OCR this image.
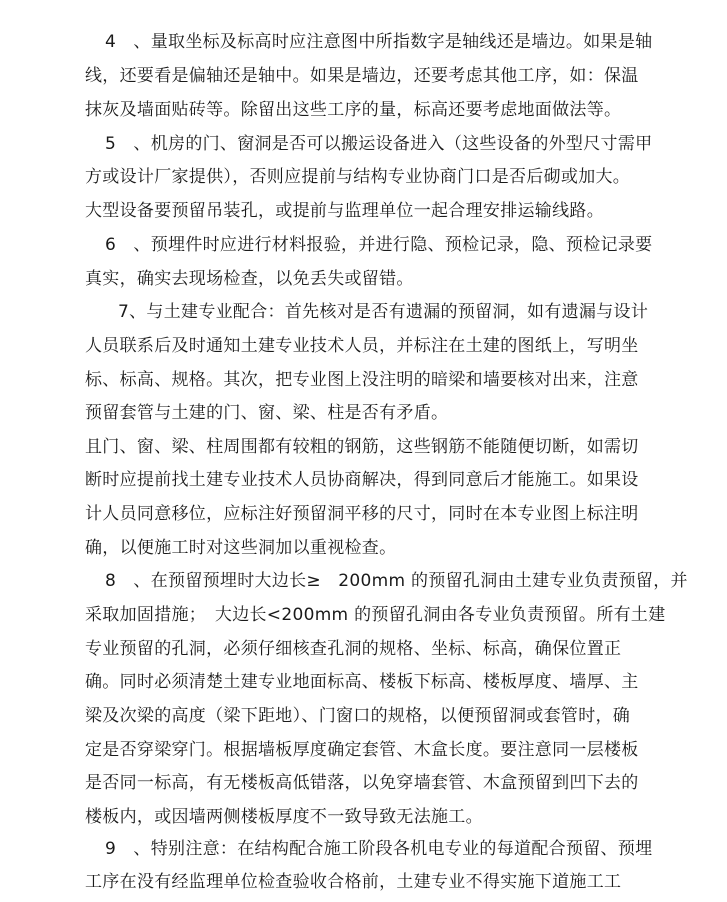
4　、量取坐标及标高时应注意图中所指数字是轴线还是墙边。如果是轴
线，还要看是偏轴还是轴中。如果是墙边，还要考虑其他工序，如：保温
抹灰及墙面贴砖等。除留出这些工序的量，标高还要考虑地面做法等。
5　、机房的门、窗洞是否可以搬运设备进入（这些设备的外型尺寸需甲
方或设计厂家提供），否则应提前与结构专业协商门口是否后砌或加大。
大型设备要预留吊装孔，或提前与监理单位一起合理安排运输线路。
6　、预埋件时应进行材料报验，并进行隐、预检记录，隐、预检记录要
真实，确实去现场检查，以免丢失或留错。
7、与土建专业配合：首先核对是否有遗漏的预留洞，如有遗漏与设计
人员联系后及时通知土建专业技术人员，并标注在土建的图纸上，写明坐
标、标高、规格。其次，把专业图上没注明的暗梁和墙要核对出来，注意
预留套管与土建的门、窗、梁、柱是否有矛盾。
且门、窗、梁、柱周围都有较粗的钢筋，这些钢筋不能随便切断，如需切
断时应提前找土建专业技术人员协商解决，得到同意后才能施工。如果设
计人员同意移位，应标注好预留洞平移的尺寸，同时在本专业图上标注明
确，以便施工时对这些洞加以重视检查。
8　、在预留预埋时大边长≥　200mm 的预留孔洞由土建专业负责预留，并
采取加固措施；　大边长<200mm 的预留孔洞由各专业负责预留。所有土建
专业预留的孔洞，必须仔细核查孔洞的规格、坐标、标高，确保位置正
确。同时必须清楚土建专业地面标高、楼板下标高、楼板厚度、墙厚、主
梁及次梁的高度（梁下距地）、门窗口的规格，以便预留洞或套管时，确
定是否穿梁穿门。根据墙板厚度确定套管、木盒长度。要注意同一层楼板
是否同一标高，有无楼板高低错落，以免穿墙套管、木盒预留到凹下去的
楼板内，或因墙两侧楼板厚度不一致导致无法施工。
9　、特别注意：在结构配合施工阶段各机电专业的每道配合预留、预埋
工序在没有经监理单位检查验收合格前，土建专业不得实施下道施工工
